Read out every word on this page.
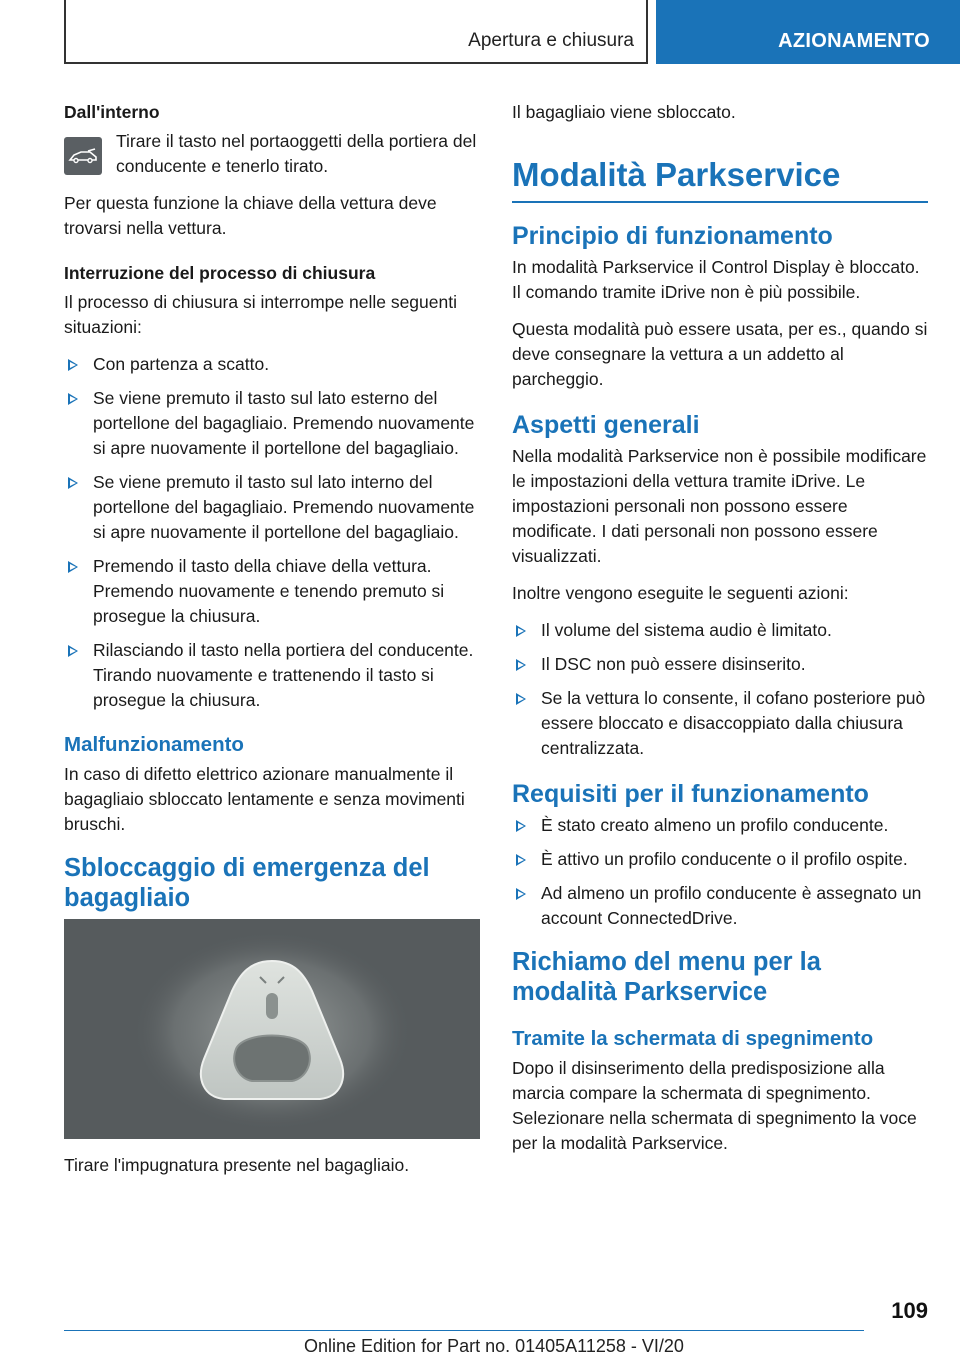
Apertura e chiusura	AZIONAMENTO

Dall'interno

Tirare il tasto nel portaoggetti della portiera del conducente e tenerlo tirato.

Per questa funzione la chiave della vettura deve trovarsi nella vettura.

Interruzione del processo di chiusura

Il processo di chiusura si interrompe nelle seguenti situazioni:

Con partenza a scatto.
Se viene premuto il tasto sul lato esterno del portellone del bagagliaio. Premendo nuovamente si apre nuovamente il portellone del bagagliaio.
Se viene premuto il tasto sul lato interno del portellone del bagagliaio. Premendo nuovamente si apre nuovamente il portellone del bagagliaio.
Premendo il tasto della chiave della vettura. Premendo nuovamente e tenendo premuto si prosegue la chiusura.
Rilasciando il tasto nella portiera del conducente. Tirando nuovamente e trattenendo il tasto si prosegue la chiusura.
Malfunzionamento

In caso di difetto elettrico azionare manualmente il bagagliaio sbloccato lentamente e senza movimenti bruschi.

Sbloccaggio di emergenza del bagagliaio

Tirare l'impugnatura presente nel bagagliaio.

Il bagagliaio viene sbloccato.

Modalità Parkservice
Principio di funzionamento

In modalità Parkservice il Control Display è bloccato. Il comando tramite iDrive non è più possibile.

Questa modalità può essere usata, per es., quando si deve consegnare la vettura a un addetto al parcheggio.

Aspetti generali

Nella modalità Parkservice non è possibile modificare le impostazioni della vettura tramite iDrive. Le impostazioni personali non possono essere modificate. I dati personali non possono essere visualizzati.

Inoltre vengono eseguite le seguenti azioni:

Il volume del sistema audio è limitato.
Il DSC non può essere disinserito.
Se la vettura lo consente, il cofano posteriore può essere bloccato e disaccoppiato dalla chiusura centralizzata.
Requisiti per il funzionamento
È stato creato almeno un profilo conducente.
È attivo un profilo conducente o il profilo ospite.
Ad almeno un profilo conducente è assegnato un account ConnectedDrive.
Richiamo del menu per la modalità Parkservice
Tramite la schermata di spegnimento

Dopo il disinserimento della predisposizione alla marcia compare la schermata di spegnimento. Selezionare nella schermata di spegnimento la voce per la modalità Parkservice.

109
Online Edition for Part no. 01405A11258 - VI/20
